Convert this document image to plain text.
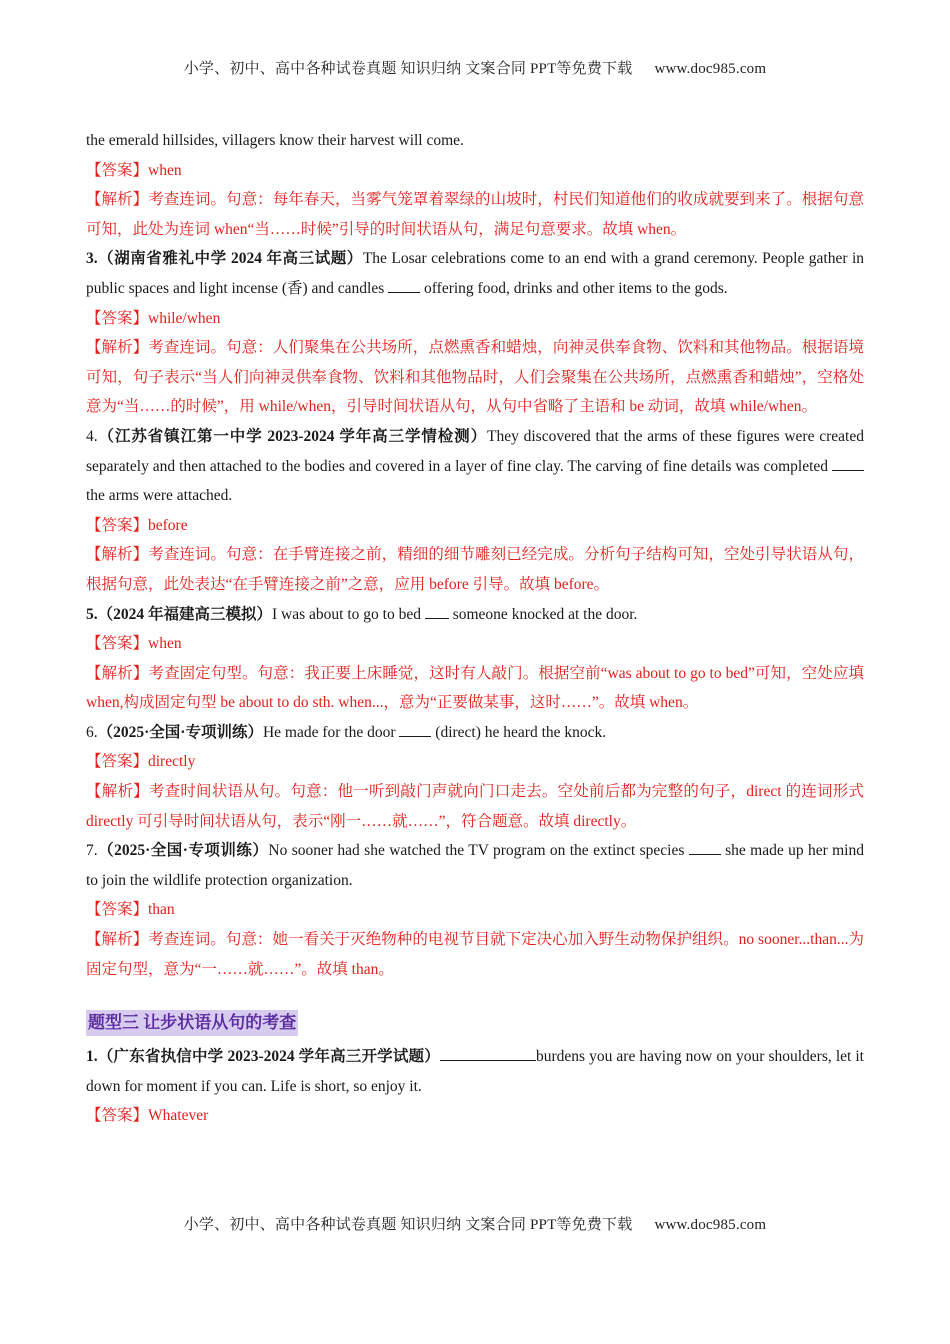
小学、初中、高中各种试卷真题 知识归纳 文案合同 PPT等免费下载 www.doc985.com

the emerald hillsides, villagers know their harvest will come.

【答案】when

【解析】考查连词。句意：每年春天，当雾气笼罩着翠绿的山坡时，村民们知道他们的收成就要到来了。根据句意可知，此处为连词 when“当……时候”引导的时间状语从句，满足句意要求。故填 when。

3.（湖南省雅礼中学 2024 年高三试题）The Losar celebrations come to an end with a grand ceremony. People gather in public spaces and light incense (香) and candles  offering food, drinks and other items to the gods.

【答案】while/when

【解析】考查连词。句意：人们聚集在公共场所，点燃熏香和蜡烛，向神灵供奉食物、饮料和其他物品。根据语境可知，句子表示“当人们向神灵供奉食物、饮料和其他物品时，人们会聚集在公共场所，点燃熏香和蜡烛”，空格处意为“当……的时候”，用 while/when，引导时间状语从句，从句中省略了主语和 be 动词，故填 while/when。

4.（江苏省镇江第一中学 2023-2024 学年高三学情检测）They discovered that the arms of these figures were created separately and then attached to the bodies and covered in a layer of fine clay. The carving of fine details was completed  the arms were attached.

【答案】before

【解析】考查连词。句意：在手臂连接之前，精细的细节雕刻已经完成。分析句子结构可知，空处引导状语从句，根据句意，此处表达“在手臂连接之前”之意，应用 before 引导。故填 before。

5.（2024 年福建高三模拟）I was about to go to bed  someone knocked at the door.

【答案】when

【解析】考查固定句型。句意：我正要上床睡觉，这时有人敲门。根据空前“was about to go to bed”可知，空处应填 when,构成固定句型 be about to do sth. when...，意为“正要做某事，这时……”。故填 when。

6.（2025·全国·专项训练）He made for the door  (direct) he heard the knock.

【答案】directly

【解析】考查时间状语从句。句意：他一听到敲门声就向门口走去。空处前后都为完整的句子，direct 的连词形式 directly 可引导时间状语从句，表示“刚一……就……”，符合题意。故填 directly。

7.（2025·全国·专项训练）No sooner had she watched the TV program on the extinct species  she made up her mind to join the wildlife protection organization.

【答案】than

【解析】考查连词。句意：她一看关于灭绝物种的电视节目就下定决心加入野生动物保护组织。no sooner...than...为固定句型，意为“一……就……”。故填 than。

题型三 让步状语从句的考查

1.（广东省执信中学 2023-2024 学年高三开学试题）	burdens you are having now on your shoulders, let it down for moment if you can. Life is short, so enjoy it.

【答案】Whatever

小学、初中、高中各种试卷真题 知识归纳 文案合同 PPT等免费下载 www.doc985.com
